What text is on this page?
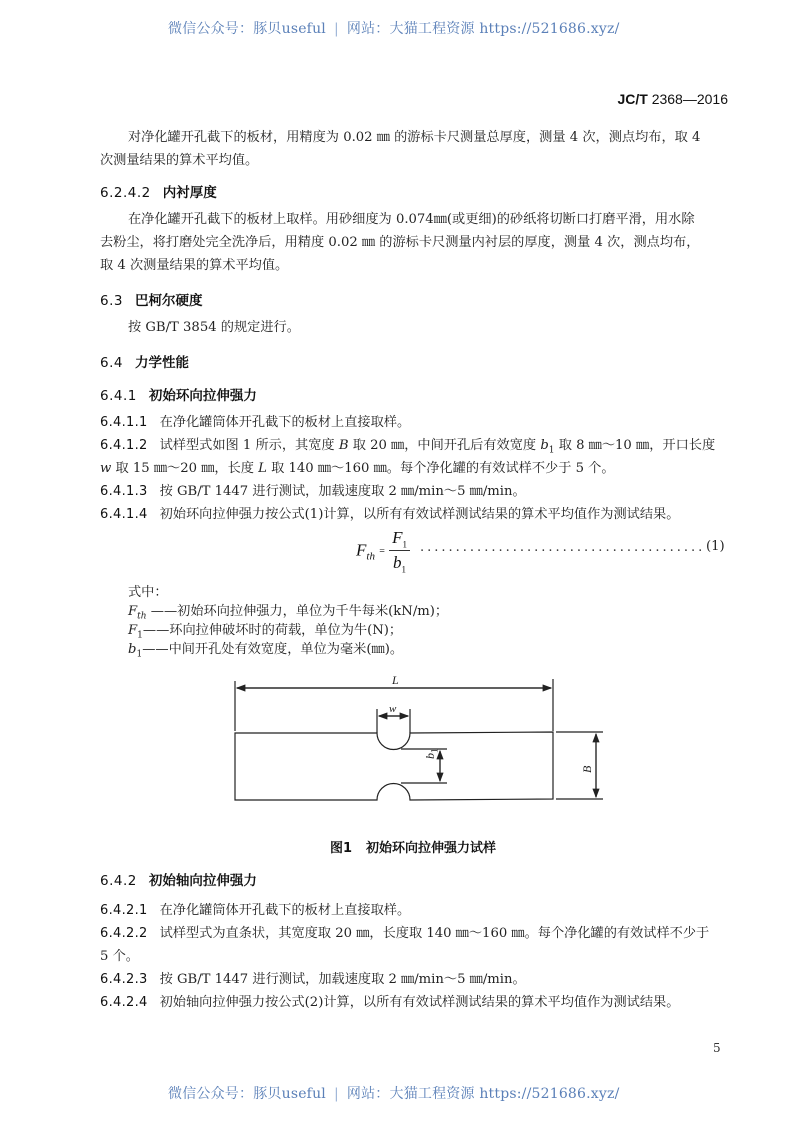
微信公众号：豚贝useful | 网站：大猫工程资源 https://521686.xyz/
JC/T 2368—2016
对净化罐开孔截下的板材，用精度为 0.02 ㎜ 的游标卡尺测量总厚度，测量 4 次，测点均布，取 4
次测量结果的算术平均值。
6.2.4.2 内衬厚度
在净化罐开孔截下的板材上取样。用砂细度为 0.074㎜(或更细)的砂纸将切断口打磨平滑，用水除
去粉尘，将打磨处完全洗净后，用精度 0.02 ㎜ 的游标卡尺测量内衬层的厚度，测量 4 次，测点均布，
取 4 次测量结果的算术平均值。
6.3 巴柯尔硬度
按 GB/T 3854 的规定进行。
6.4 力学性能
6.4.1 初始环向拉伸强力
6.4.1.1 在净化罐筒体开孔截下的板材上直接取样。
6.4.1.2 试样型式如图 1 所示，其宽度 B 取 20 ㎜，中间开孔后有效宽度 $b_1$ 取 8 ㎜～10 ㎜，开口长度
w 取 15 ㎜～20 ㎜，长度 L 取 140 ㎜～160 ㎜。每个净化罐的有效试样不少于 5 个。
6.4.1.3 按 GB/T 1447 进行测试，加载速度取 2 ㎜/min～5 ㎜/min。
6.4.1.4 初始环向拉伸强力按公式(1)计算，以所有有效试样测试结果的算术平均值作为测试结果。
$F_{th} = \frac{F_1}{b_1}$ ........................................ (1)
式中：
$F_{th}$ ——初始环向拉伸强力，单位为千牛每米(kN/m)；
$F_1——$环向拉伸破坏时的荷载，单位为牛(N)；
$b_1——$中间开孔处有效宽度，单位为毫米(㎜)。
L
w
$b_1$
B
图1 初始环向拉伸强力试样
6.4.2 初始轴向拉伸强力
6.4.2.1 在净化罐筒体开孔截下的板材上直接取样。
6.4.2.2 试样型式为直条状，其宽度取 20 ㎜，长度取 140 ㎜～160 ㎜。每个净化罐的有效试样不少于
5 个。
6.4.2.3 按 GB/T 1447 进行测试，加载速度取 2 ㎜/min～5 ㎜/min。
6.4.2.4 初始轴向拉伸强力按公式(2)计算，以所有有效试样测试结果的算术平均值作为测试结果。
5
微信公众号：豚贝useful | 网站：大猫工程资源 https://521686.xyz/
